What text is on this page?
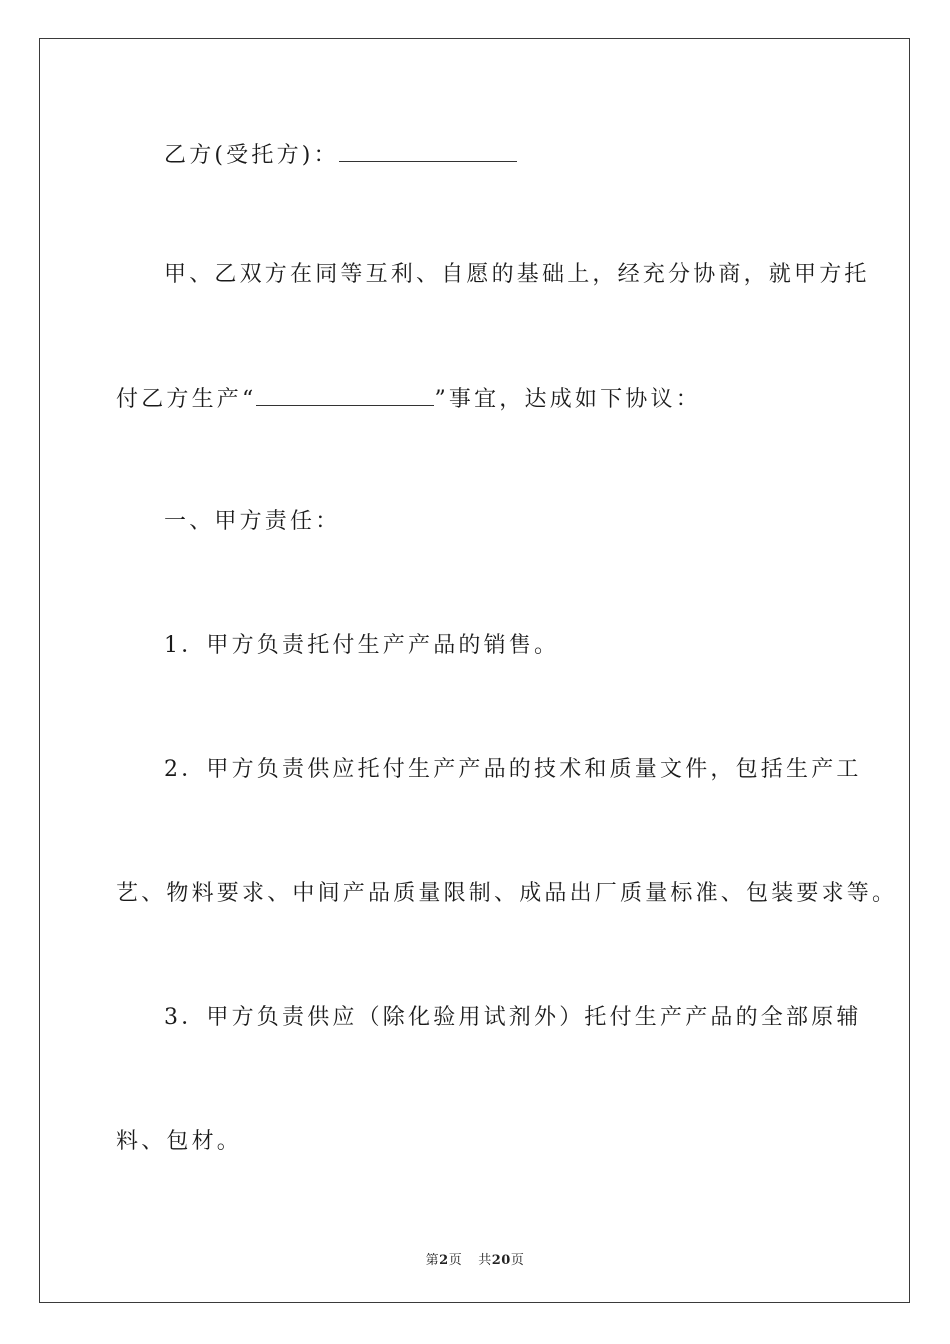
乙方(受托方)：
甲、乙双方在同等互利、自愿的基础上，经充分协商，就甲方托
付乙方生产“	”事宜，达成如下协议：
一、甲方责任：
1．甲方负责托付生产产品的销售。
2．甲方负责供应托付生产产品的技术和质量文件，包括生产工
艺、物料要求、中间产品质量限制、成品出厂质量标准、包装要求等。
3．甲方负责供应（除化验用试剂外）托付生产产品的全部原辅
料、包材。
第2页 共20页
